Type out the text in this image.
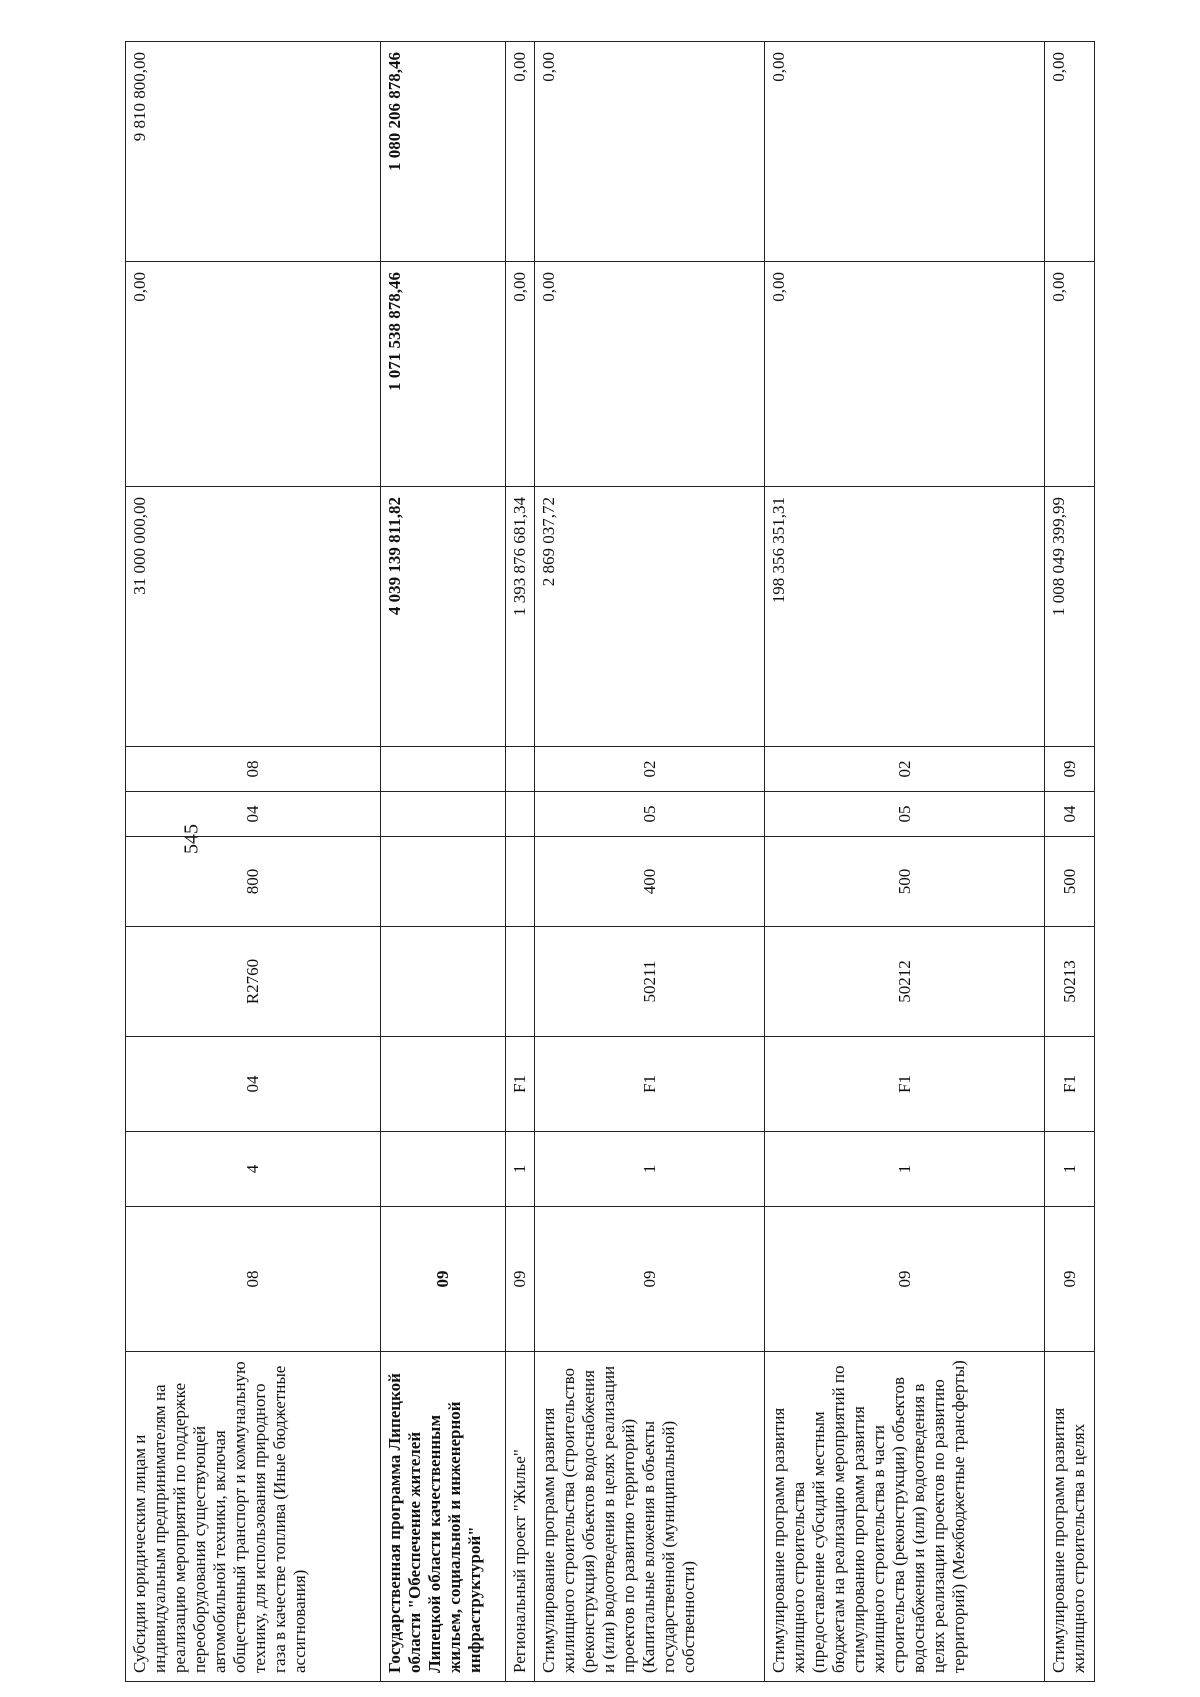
545
Субсидии юридическим лицам и индивидуальным предпринимателям на реализацию мероприятий по поддержке переоборудования существующей автомобильной техники, включая общественный транспорт и коммунальную технику, для использования природного газа в качестве топлива (Иные бюджетные ассигнования)	08	4	04	R2760	800	04	08	31 000 000,00	0,00	9 810 800,00
Государственная программа Липецкой области "Обеспечение жителей Липецкой области качественным жильем, социальной и инженерной инфраструктурой"	09							4 039 139 811,82	1 071 538 878,46	1 080 206 878,46
Региональный проект "Жилье"	09	1	F1					1 393 876 681,34	0,00	0,00
Стимулирование программ развития жилищного строительства (строительство (реконструкция) объектов водоснабжения и (или) водоотведения в целях реализации проектов по развитию территорий) (Капитальные вложения в объекты государственной (муниципальной) собственности)	09	1	F1	50211	400	05	02	2 869 037,72	0,00	0,00
Стимулирование программ развития жилищного строительства (предоставление субсидий местным бюджетам на реализацию мероприятий по стимулированию программ развития жилищного строительства в части строительства (реконструкции) объектов водоснабжения и (или) водоотведения в целях реализации проектов по развитию территорий) (Межбюджетные трансферты)	09	1	F1	50212	500	05	02	198 356 351,31	0,00	0,00
Стимулирование программ развития жилищного строительства в целях	09	1	F1	50213	500	04	09	1 008 049 399,99	0,00	0,00
